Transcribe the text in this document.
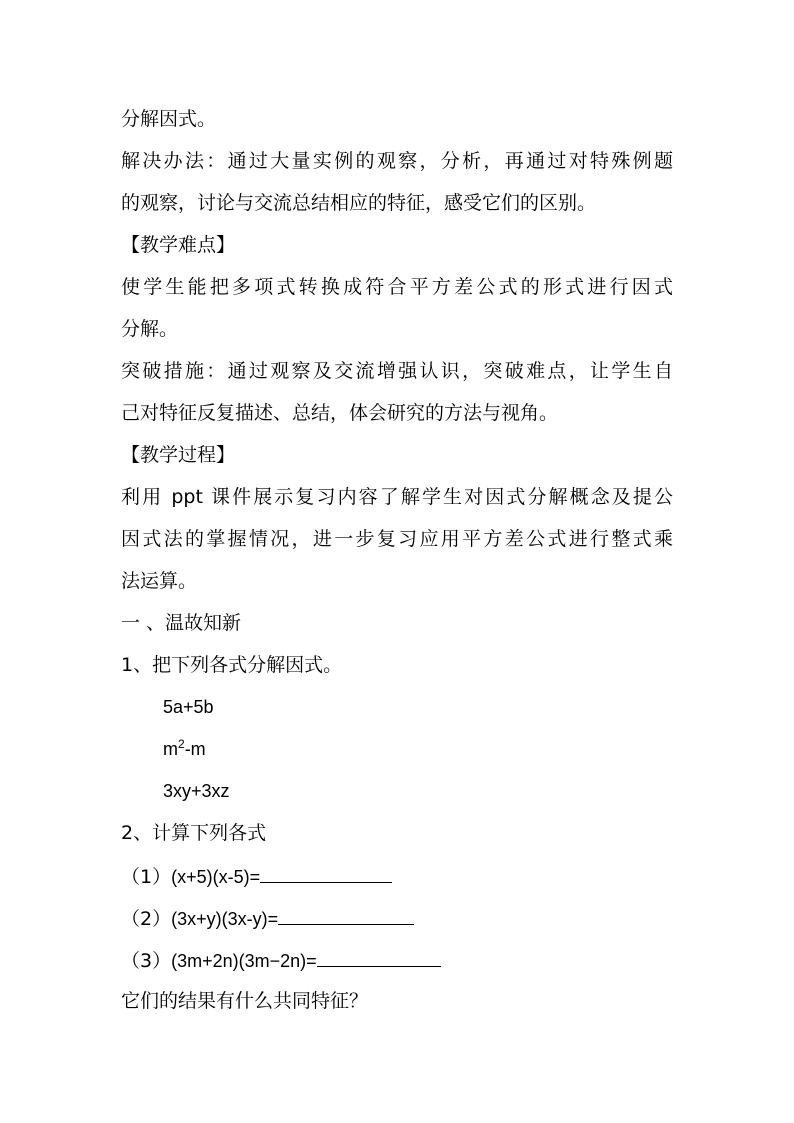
分解因式。
解决办法：通过大量实例的观察，分析，再通过对特殊例题
的观察，讨论与交流总结相应的特征，感受它们的区别。
【教学难点】
使学生能把多项式转换成符合平方差公式的形式进行因式
分解。
突破措施：通过观察及交流增强认识，突破难点，让学生自
己对特征反复描述、总结，体会研究的方法与视角。
【教学过程】
利用 ppt 课件展示复习内容了解学生对因式分解概念及提公
因式法的掌握情况，进一步复习应用平方差公式进行整式乘
法运算。
一 、温故知新
1、把下列各式分解因式。
5a+5b
$m^2-m$
3xy+3xz
2、计算下列各式
（1）(x+5)(x-5)=
（2）(3x+y)(3x-y)=
（3）(3m+2n)(3m−2n)=
它们的结果有什么共同特征？
